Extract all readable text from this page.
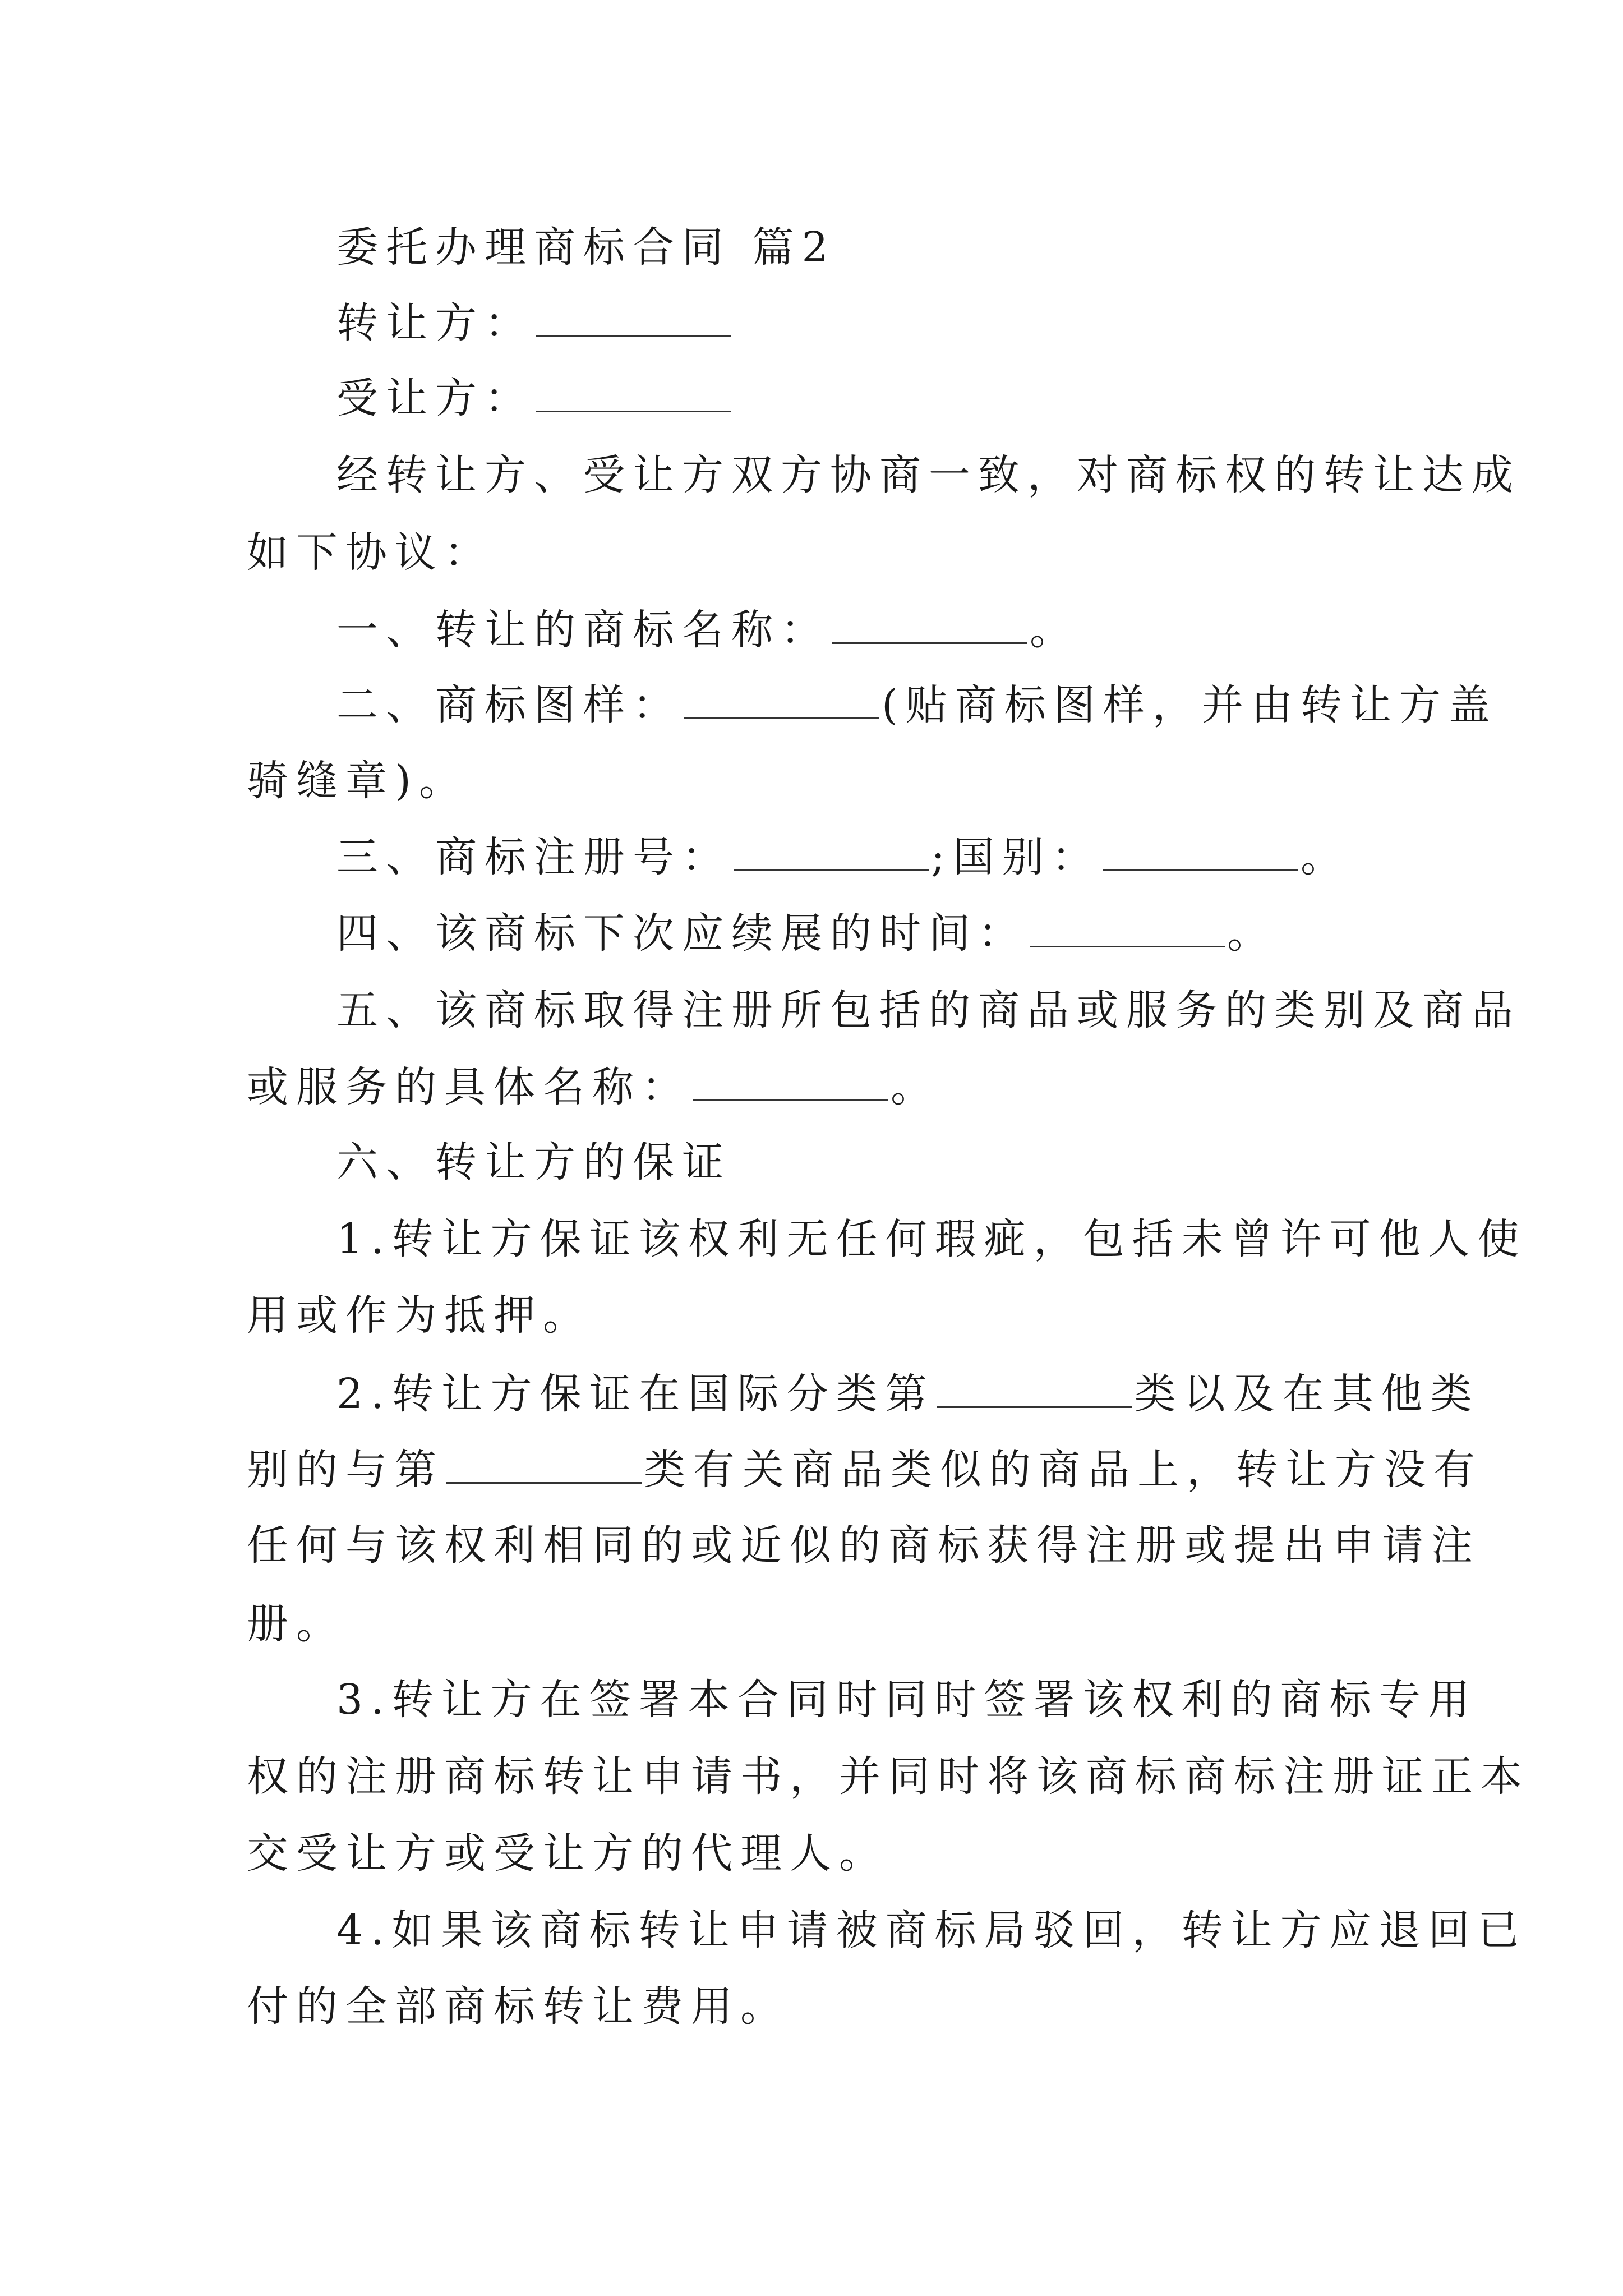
委托办理商标合同 篇2
转让方：
受让方：
经转让方、受让方双方协商一致，对商标权的转让达成
如下协议：
一、转让的商标名称：	。
二、商标图样：	(贴商标图样，并由转让方盖
骑缝章)。
三、商标注册号：	;国别：	。
四、该商标下次应续展的时间：	。
五、该商标取得注册所包括的商品或服务的类别及商品
或服务的具体名称：	。
六、转让方的保证
1.转让方保证该权利无任何瑕疵，包括未曾许可他人使
用或作为抵押。
2.转让方保证在国际分类第	类以及在其他类
别的与第	类有关商品类似的商品上，转让方没有
任何与该权利相同的或近似的商标获得注册或提出申请注
册。
3.转让方在签署本合同时同时签署该权利的商标专用
权的注册商标转让申请书，并同时将该商标商标注册证正本
交受让方或受让方的代理人。
4.如果该商标转让申请被商标局驳回，转让方应退回已
付的全部商标转让费用。
